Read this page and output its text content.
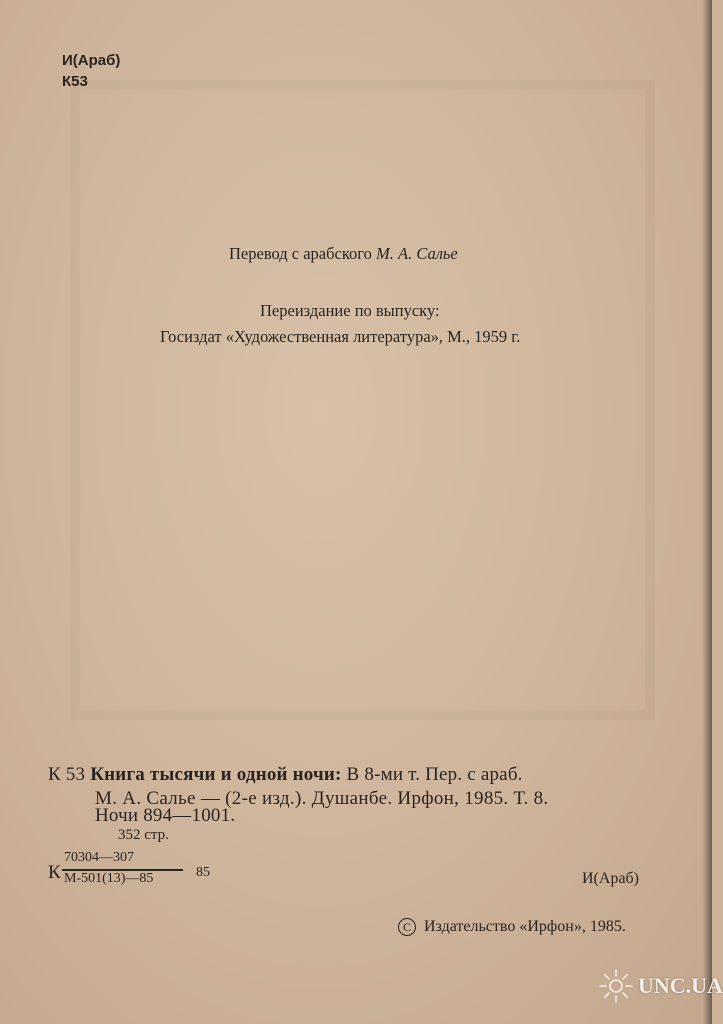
И(Араб)
К53
Перевод с арабского М. А. Салье
Переиздание по выпуску:
Госиздат «Художественная литература», М., 1959 г.
К 53 Книга тысячи и одной ночи: В 8-ми т. Пер. с араб.
М. А. Салье — (2-е изд.). Душанбе. Ирфон, 1985. Т. 8.
Ночи 894—1001.
352 стр.
К
70304—307
М-501(13)—85	85	И(Араб)
С Издательство «Ирфон», 1985.
UNC.UA
